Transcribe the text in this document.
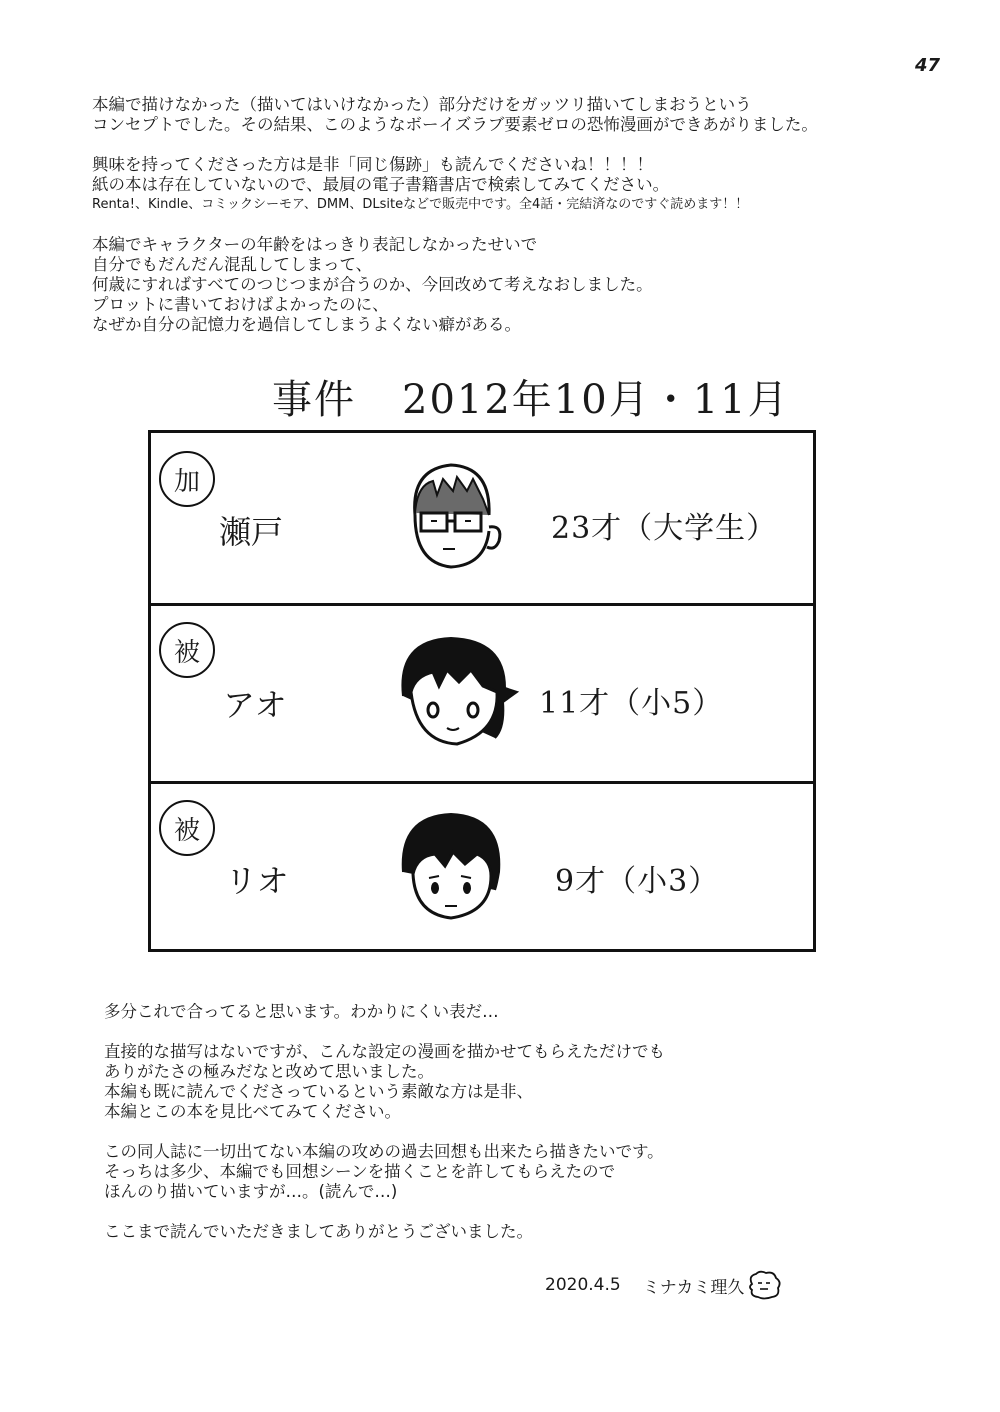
47

本編で描けなかった（描いてはいけなかった）部分だけをガッツリ描いてしまおうという
コンセプトでした。その結果、このようなボーイズラブ要素ゼロの恐怖漫画ができあがりました。

興味を持ってくださった方は是非「同じ傷跡」も読んでくださいね！！！！
紙の本は存在していないので、最屓の電子書籍書店で検索してみてください。
Renta!、Kindle、コミックシーモア、DMM、DLsiteなどで販売中です。全4話・完結済なのですぐ読めます！！

本編でキャラクターの年齢をはっきり表記しなかったせいで
自分でもだんだん混乱してしまって、
何歳にすればすべてのつじつまが合うのか、今回改めて考えなおしました。
プロットに書いておけばよかったのに、
なぜか自分の記憶力を過信してしまうよくない癖がある。

事件 2012年10月・11月
加
瀬戸	23才（大学生）
被
アオ	11才（小5）
被
リオ	9才（小3）

多分これで合ってると思います。わかりにくい表だ…

直接的な描写はないですが、こんな設定の漫画を描かせてもらえただけでも
ありがたさの極みだなと改めて思いました。
本編も既に読んでくださっているという素敵な方は是非、
本編とこの本を見比べてみてください。

この同人誌に一切出てない本編の攻めの過去回想も出来たら描きたいです。
そっちは多少、本編でも回想シーンを描くことを許してもらえたので
ほんのり描いていますが…。(読んで…)

ここまで読んでいただきましてありがとうございました。

2020.4.5 ミナカミ理久
